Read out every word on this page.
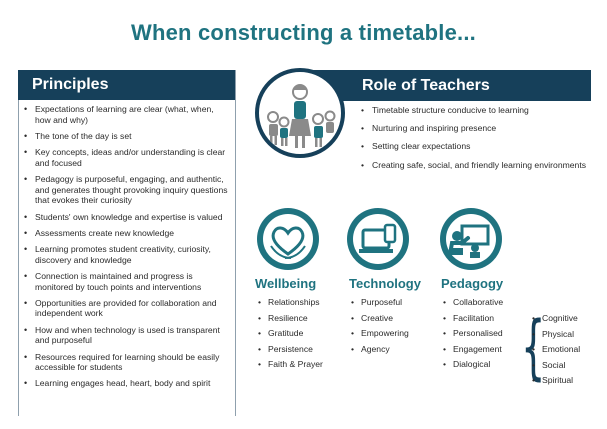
When constructing a timetable...
Principles
• Expectations of learning are clear (what, when, how and why)
• The tone of the day is set
• Key concepts, ideas and/or understanding is clear and focused
• Pedagogy is purposeful, engaging, and authentic, and generates thought provoking inquiry questions that evokes their curiosity
• Students' own knowledge and expertise is valued
• Assessments create new knowledge
• Learning promotes student creativity, curiosity, discovery and knowledge
• Connection is maintained and progress is monitored by touch points and interventions
• Opportunities are provided for collaboration and independent work
• How and when technology is used is transparent and purposeful
• Resources required for learning should be easily accessible for students
• Learning engages head, heart, body and spirit
Role of Teachers
• Timetable structure conducive to learning
• Nurturing and inspiring presence
• Setting clear expectations
• Creating safe, social, and friendly learning environments
Wellbeing
• Relationships
• Resilience
• Gratitude
• Persistence
• Faith & Prayer
Technology
• Purposeful
• Creative
• Empowering
• Agency
Pedagogy
• Collaborative
• Facilitation
• Personalised
• Engagement
• Dialogical {
• Cognitive
• Physical
• Emotional
• Social
• Spiritual
